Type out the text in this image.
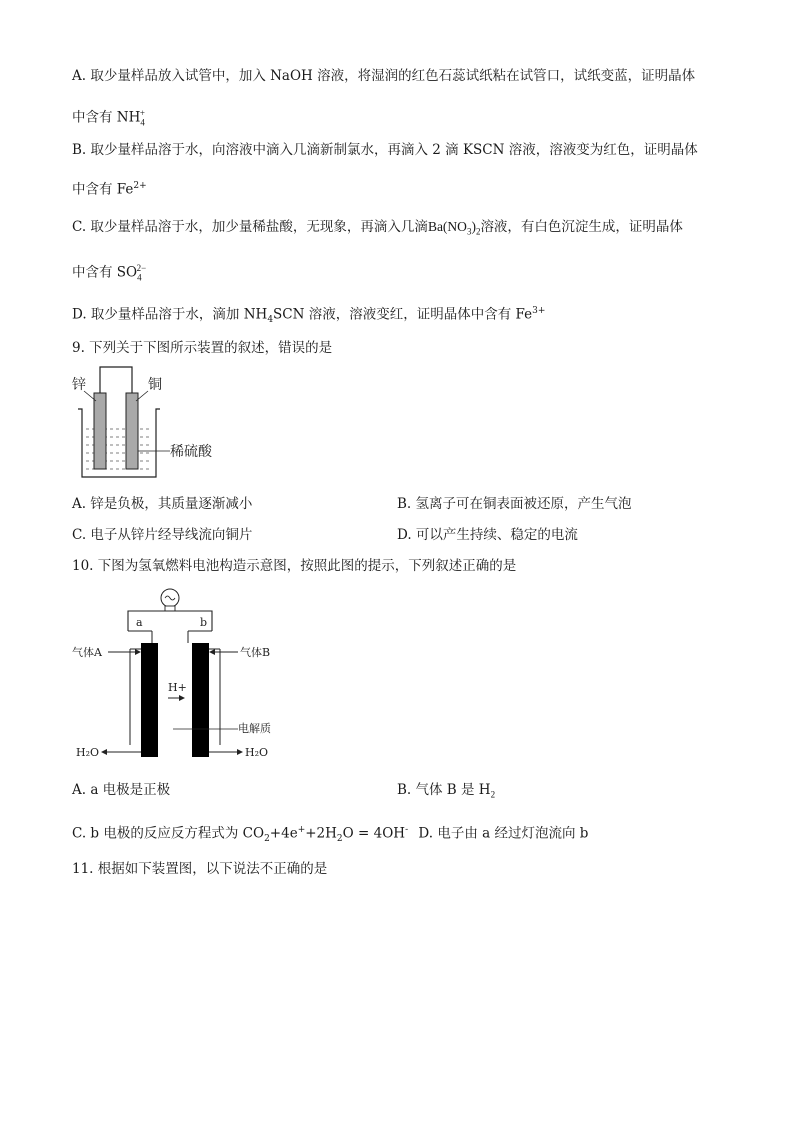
A. 取少量样品放入试管中，加入 NaOH 溶液，将湿润的红色石蕊试纸粘在试管口，试纸变蓝，证明晶体
中含有 $NH_4^+$
B. 取少量样品溶于水，向溶液中滴入几滴新制氯水，再滴入 2 滴 KSCN 溶液，溶液变为红色，证明晶体
中含有 $Fe^{2+}$
C. 取少量样品溶于水，加少量稀盐酸，无现象，再滴入几滴$Ba(NO_3)_2$溶液，有白色沉淀生成，证明晶体
中含有 $SO_4^{2-}$
D. 取少量样品溶于水，滴加 $NH_4SCN$ 溶液，溶液变红，证明晶体中含有 $Fe^{3+}$
9. 下列关于下图所示装置的叙述，错误的是
锌	铜
稀硫酸
A. 锌是负极，其质量逐渐减小	B. 氢离子可在铜表面被还原，产生气泡
C. 电子从锌片经导线流向铜片	D. 可以产生持续、稳定的电流
10. 下图为氢氧燃料电池构造示意图，按照此图的提示，下列叙述正确的是
a	b
气体A	气体B
H+
电解质
H₂O	H₂O
A. a 电极是正极	B. 气体 B 是 $H_2$
C. b 电极的反应反方程式为 $CO_2+4e^++2H_2O = 4OH^-$ D. 电子由 a 经过灯泡流向 b
11. 根据如下装置图，以下说法不正确的是
